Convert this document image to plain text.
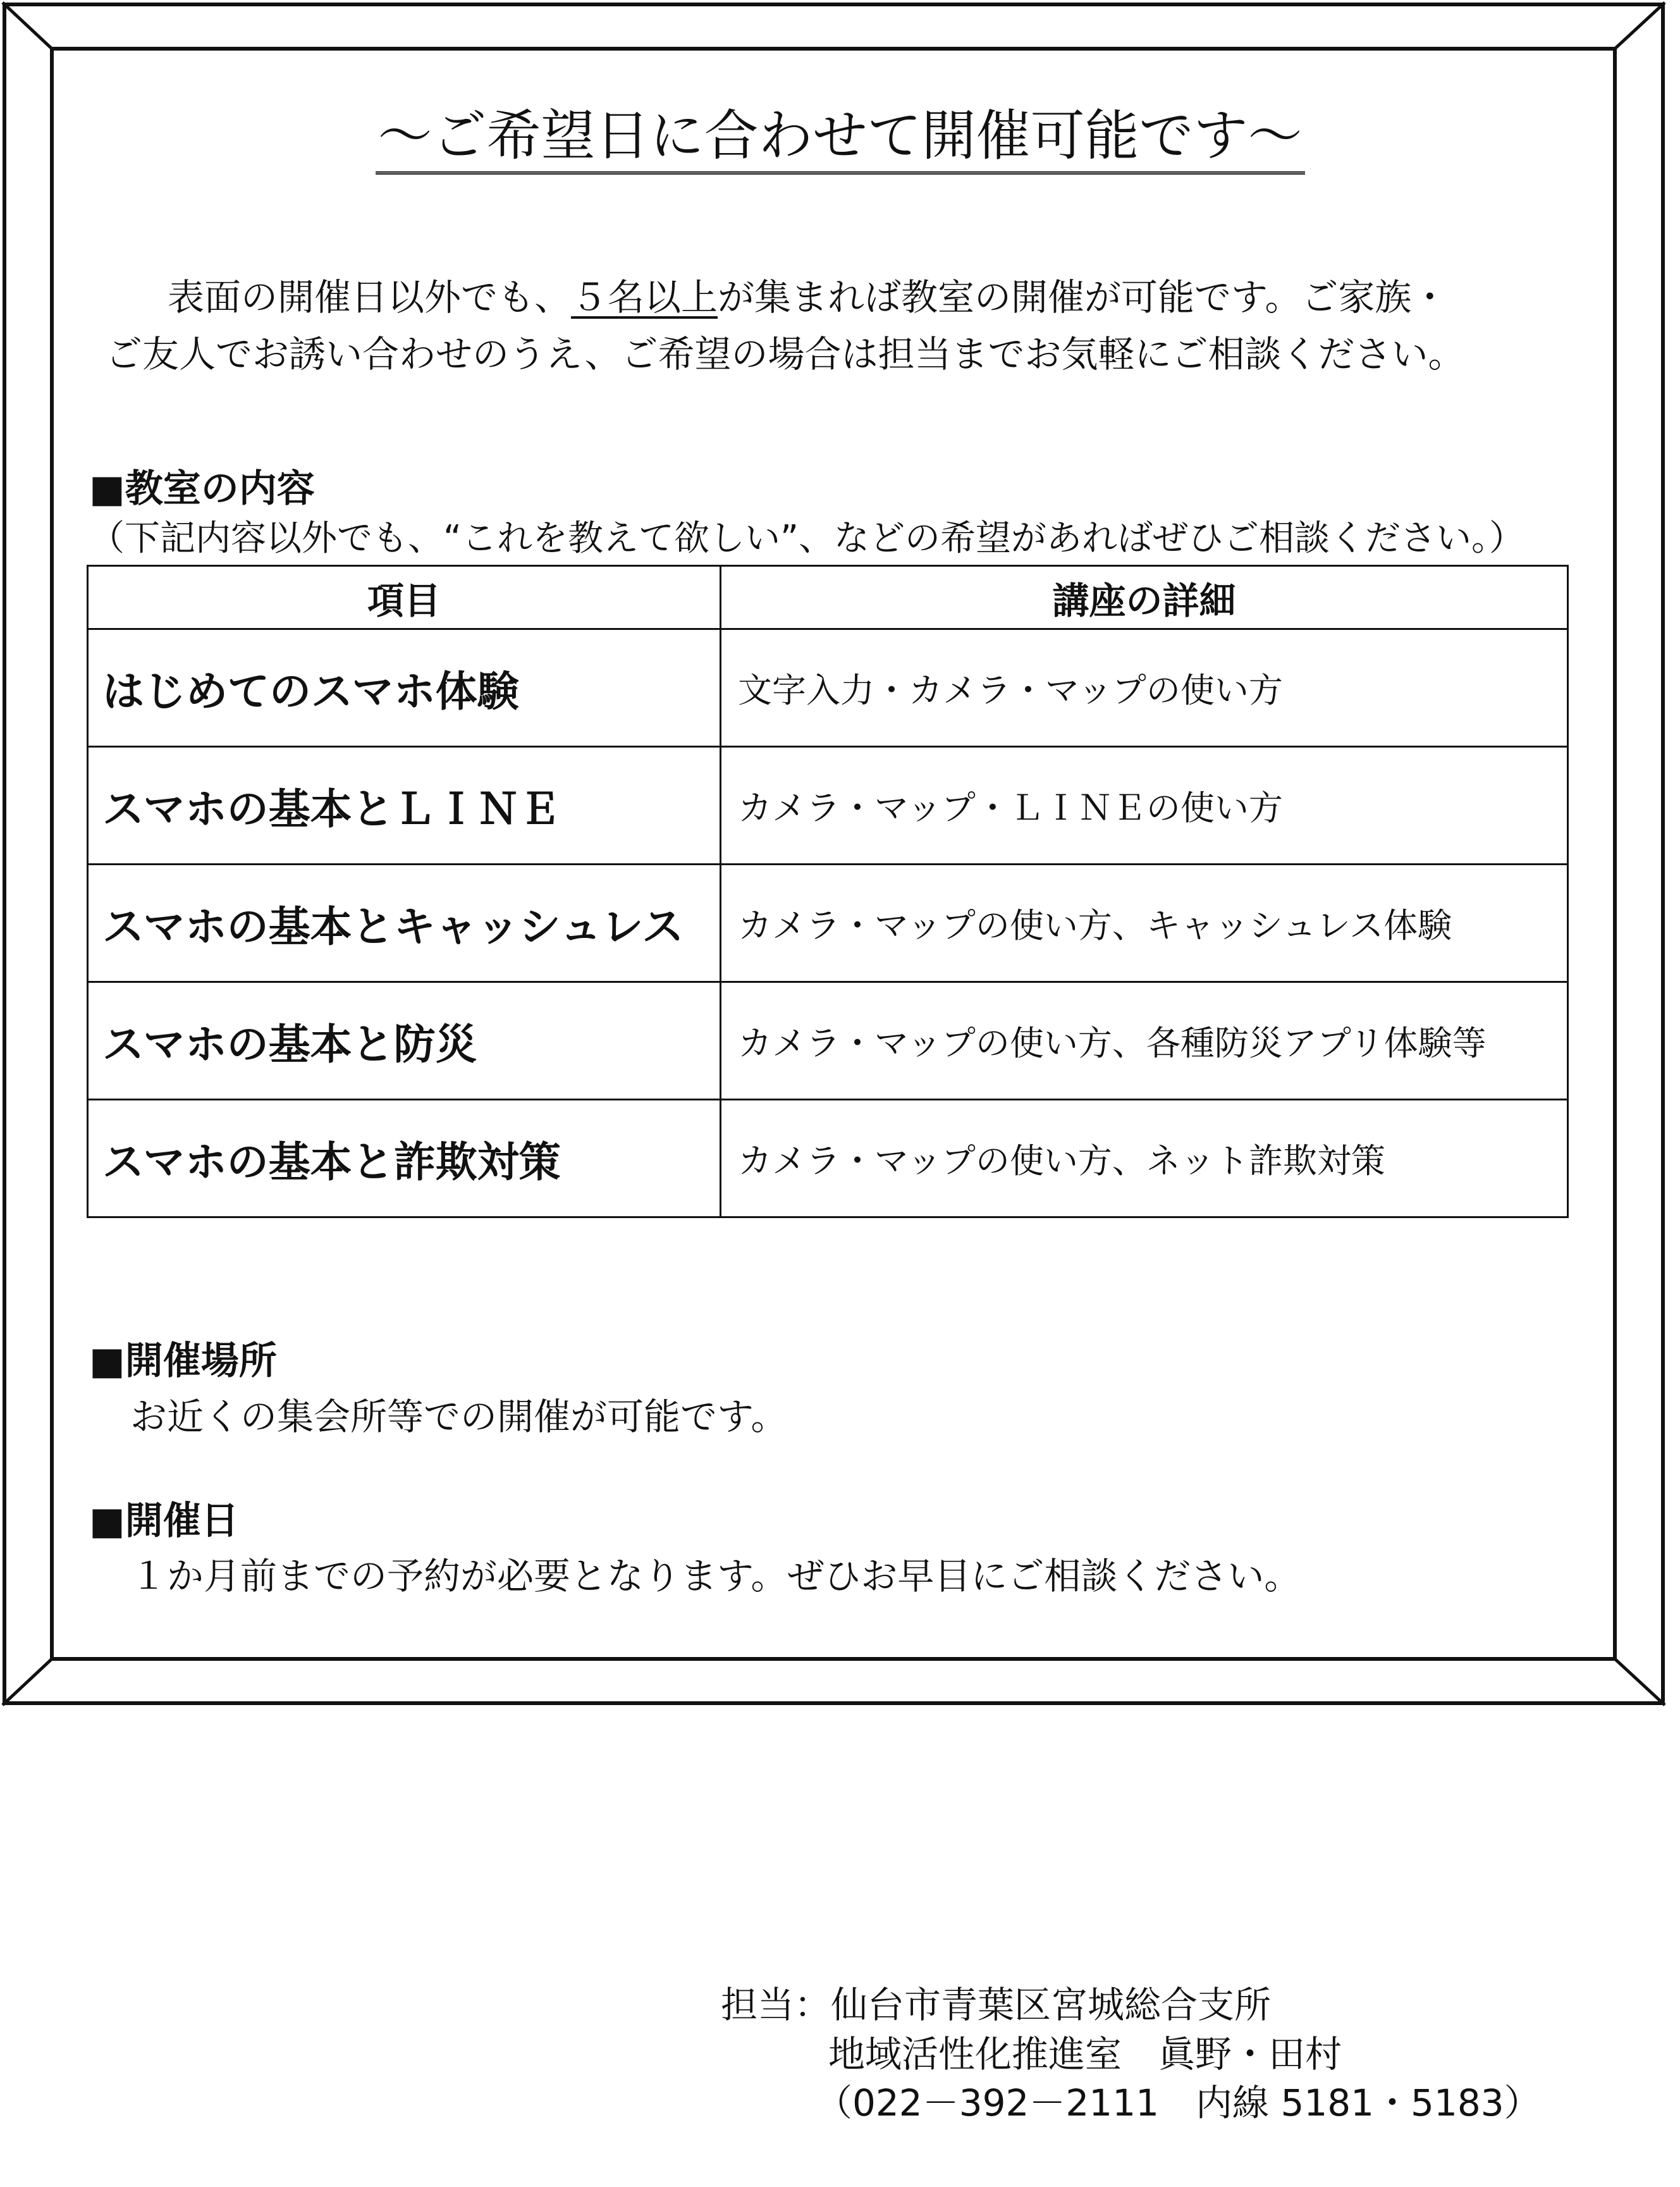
～ご希望日に合わせて開催可能です～
表面の開催日以外でも、５名以上が集まれば教室の開催が可能です。ご家族・
ご友人でお誘い合わせのうえ、ご希望の場合は担当までお気軽にご相談ください。
■教室の内容
（下記内容以外でも、“これを教えて欲しい”、などの希望があればぜひご相談ください。）
項目	講座の詳細
はじめてのスマホ体験	文字入力・カメラ・マップの使い方
スマホの基本とＬＩＮＥ	カメラ・マップ・ＬＩＮＥの使い方
スマホの基本とキャッシュレス	カメラ・マップの使い方、キャッシュレス体験
スマホの基本と防災	カメラ・マップの使い方、各種防災アプリ体験等
スマホの基本と詐欺対策	カメラ・マップの使い方、ネット詐欺対策
■開催場所
お近くの集会所等での開催が可能です。
■開催日
１か月前までの予約が必要となります。ぜひお早目にご相談ください。
担当：仙台市青葉区宮城総合支所
地域活性化推進室　眞野・田村
（022－392－2111　内線 5181・5183）
